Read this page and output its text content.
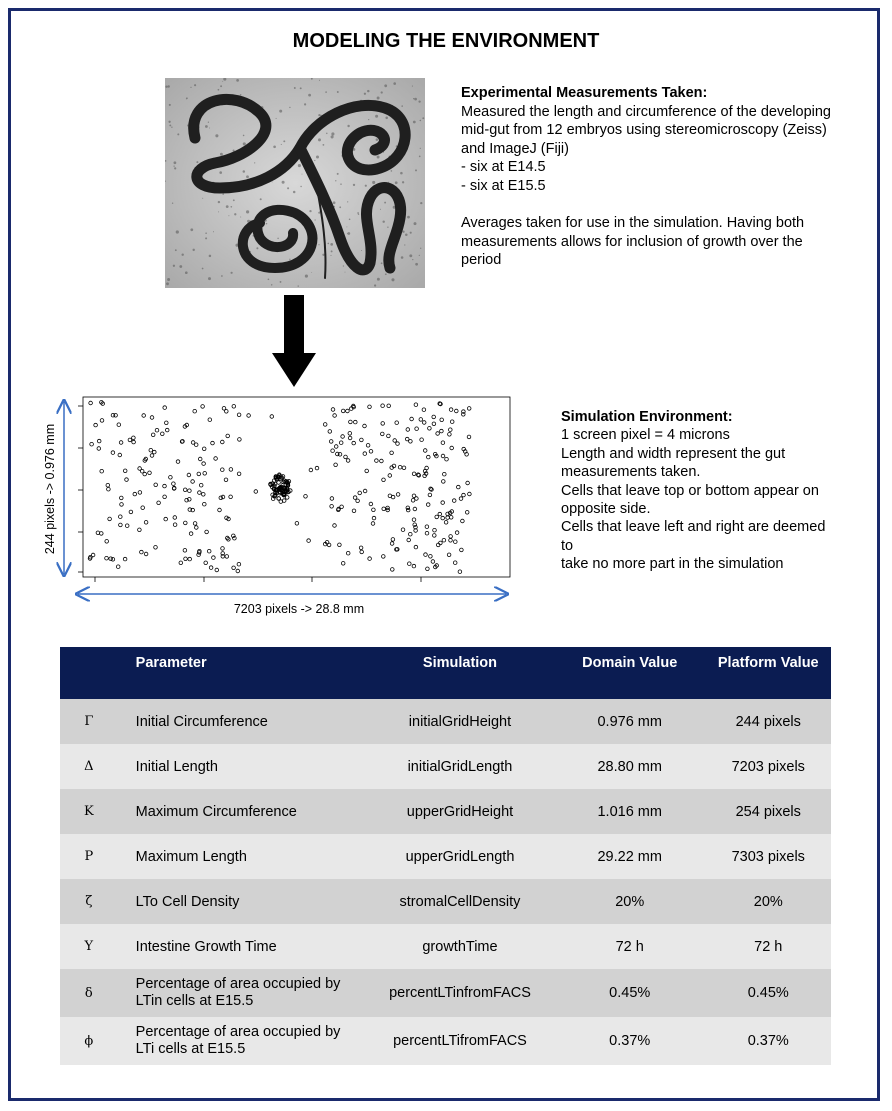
MODELING THE ENVIRONMENT
Experimental Measurements Taken:
Measured the length and circumference of the developing
mid-gut from 12 embryos using stereomicroscopy (Zeiss)
and ImageJ (Fiji)
- six at E14.5
- six at E15.5

Averages taken for use in the simulation. Having both
measurements allows for inclusion of growth over the
period
244 pixels -> 0.976 mm
7203 pixels -> 28.8 mm
Simulation Environment:
1 screen pixel = 4 microns
Length and width represent the gut
measurements taken.
Cells that leave top or bottom appear on
opposite side.
Cells that leave left and right are deemed
to
take no more part in the simulation
	Parameter	Simulation	Domain Value	Platform Value
Γ	Initial Circumference	initialGridHeight	0.976 mm	244 pixels
Δ	Initial Length	initialGridLength	28.80 mm	7203 pixels
Κ	Maximum Circumference	upperGridHeight	1.016 mm	254 pixels
Ρ	Maximum Length	upperGridLength	29.22 mm	7303 pixels
ζ	LTo Cell Density	stromalCellDensity	20%	20%
Υ	Intestine Growth Time	growthTime	72 h	72 h
δ	Percentage of area occupied by LTin cells at E15.5	percentLTinfromFACS	0.45%	0.45%
ϕ	Percentage of area occupied by LTi cells at E15.5	percentLTifromFACS	0.37%	0.37%
